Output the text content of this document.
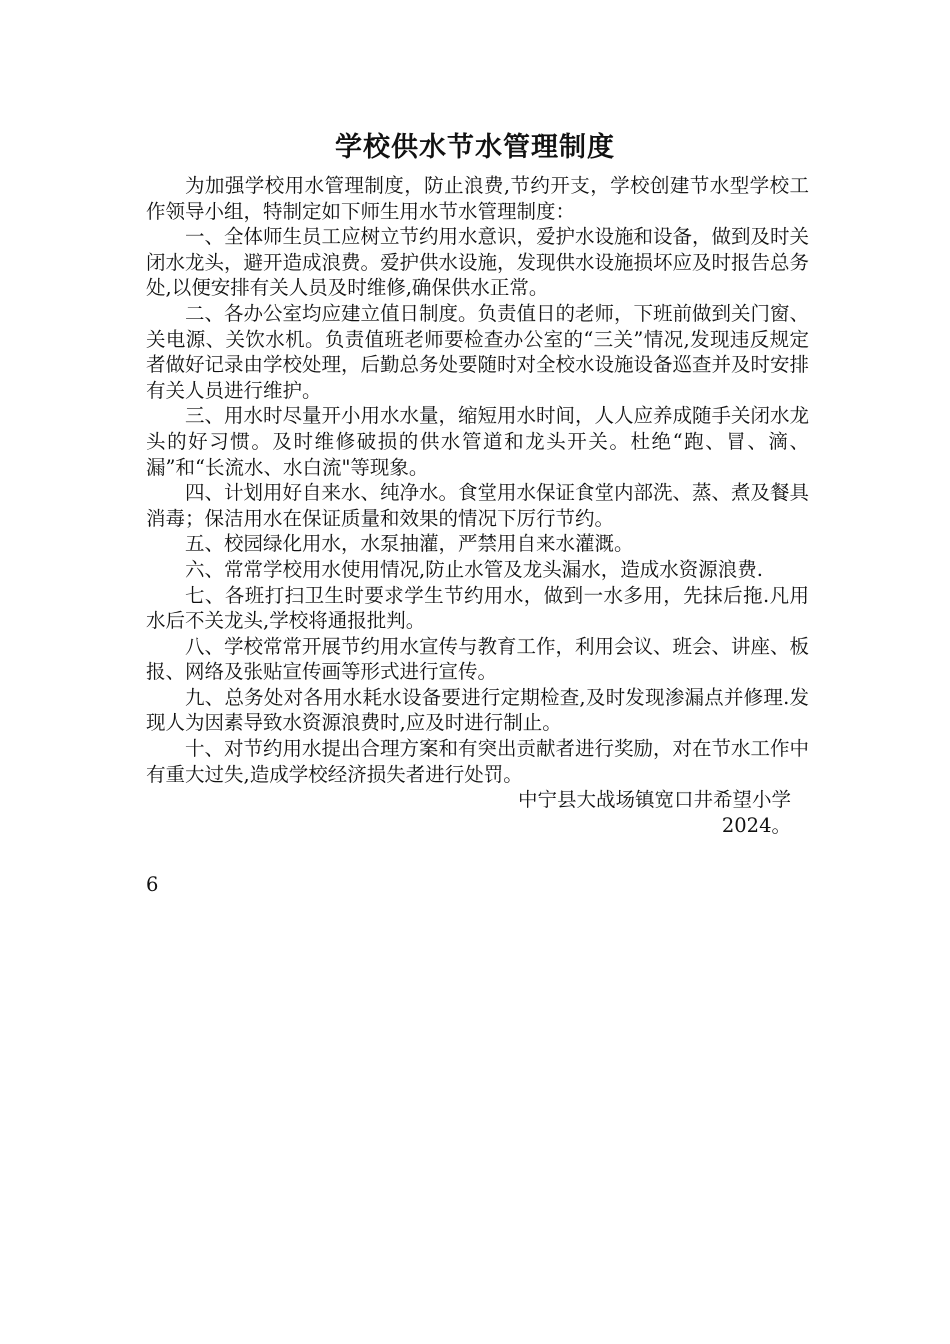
学校供水节水管理制度

为加强学校用水管理制度，防止浪费,节约开支，学校创建节水型学校工作领导小组，特制定如下师生用水节水管理制度：

一、全体师生员工应树立节约用水意识，爱护水设施和设备，做到及时关闭水龙头，避开造成浪费。爱护供水设施，发现供水设施损坏应及时报告总务处,以便安排有关人员及时维修,确保供水正常。

二、各办公室均应建立值日制度。负责值日的老师，下班前做到关门窗、关电源、关饮水机。负责值班老师要检查办公室的“三关”情况,发现违反规定者做好记录由学校处理，后勤总务处要随时对全校水设施设备巡查并及时安排有关人员进行维护。

三、用水时尽量开小用水水量，缩短用水时间，人人应养成随手关闭水龙头的好习惯。及时维修破损的供水管道和龙头开关。杜绝“跑、冒、滴、漏”和“长流水、水白流"等现象。

四、计划用好自来水、纯净水。食堂用水保证食堂内部洗、蒸、煮及餐具消毒；保洁用水在保证质量和效果的情况下厉行节约。

五、校园绿化用水，水泵抽灌，严禁用自来水灌溉。

六、常常学校用水使用情况,防止水管及龙头漏水，造成水资源浪费.

七、各班打扫卫生时要求学生节约用水，做到一水多用，先抹后拖.凡用水后不关龙头,学校将通报批判。

八、学校常常开展节约用水宣传与教育工作，利用会议、班会、讲座、板报、网络及张贴宣传画等形式进行宣传。

九、总务处对各用水耗水设备要进行定期检查,及时发现渗漏点并修理.发现人为因素导致水资源浪费时,应及时进行制止。

十、对节约用水提出合理方案和有突出贡献者进行奖励，对在节水工作中有重大过失,造成学校经济损失者进行处罚。

中宁县大战场镇宽口井希望小学
2024。
6
